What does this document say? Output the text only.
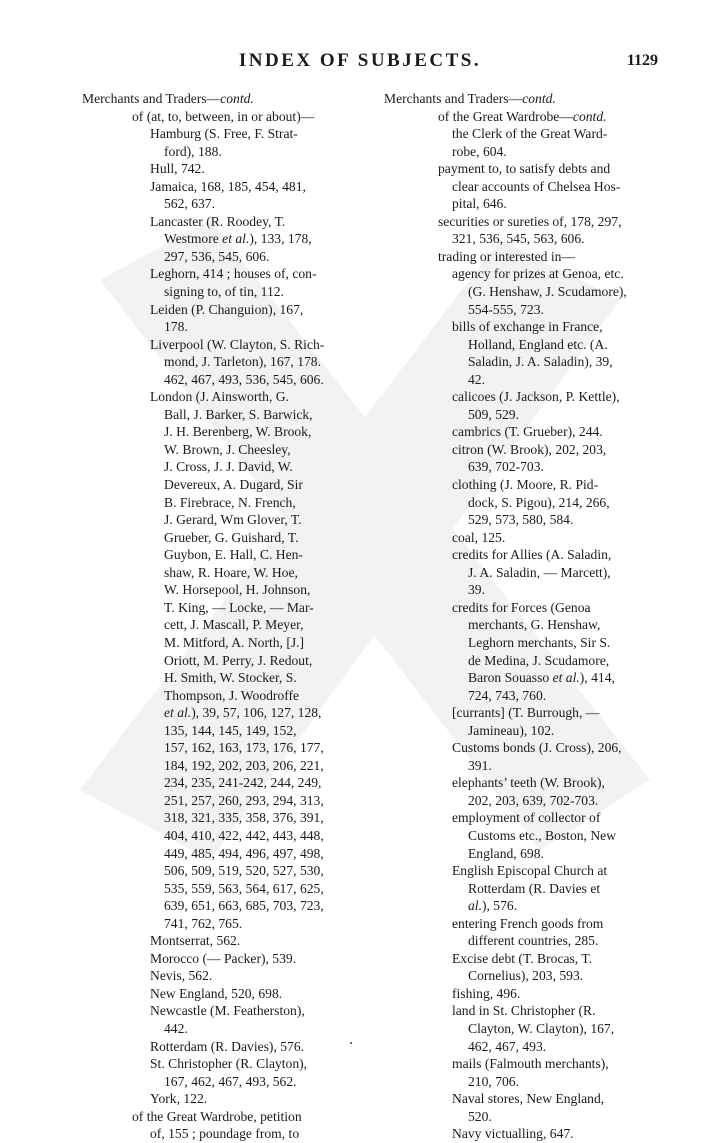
INDEX OF SUBJECTS.	1129
Merchants and Traders—contd.
of (at, to, between, in or about)—
Hamburg (S. Free, F. Strat-
ford), 188.
Hull, 742.
Jamaica, 168, 185, 454, 481,
562, 637.
Lancaster (R. Roodey, T.
Westmore et al.), 133, 178,
297, 536, 545, 606.
Leghorn, 414 ; houses of, con-
signing to, of tin, 112.
Leiden (P. Changuion), 167,
178.
Liverpool (W. Clayton, S. Rich-
mond, J. Tarleton), 167, 178.
462, 467, 493, 536, 545, 606.
London (J. Ainsworth, G.
Ball, J. Barker, S. Barwick,
J. H. Berenberg, W. Brook,
W. Brown, J. Cheesley,
J. Cross, J. J. David, W.
Devereux, A. Dugard, Sir
B. Firebrace, N. French,
J. Gerard, Wm Glover, T.
Grueber, G. Guishard, T.
Guybon, E. Hall, C. Hen-
shaw, R. Hoare, W. Hoe,
W. Horsepool, H. Johnson,
T. King, — Locke, — Mar-
cett, J. Mascall, P. Meyer,
M. Mitford, A. North, [J.]
Oriott, M. Perry, J. Redout,
H. Smith, W. Stocker, S.
Thompson, J. Woodroffe
et al.), 39, 57, 106, 127, 128,
135, 144, 145, 149, 152,
157, 162, 163, 173, 176, 177,
184, 192, 202, 203, 206, 221,
234, 235, 241-242, 244, 249,
251, 257, 260, 293, 294, 313,
318, 321, 335, 358, 376, 391,
404, 410, 422, 442, 443, 448,
449, 485, 494, 496, 497, 498,
506, 509, 519, 520, 527, 530,
535, 559, 563, 564, 617, 625,
639, 651, 663, 685, 703, 723,
741, 762, 765.
Montserrat, 562.
Morocco (— Packer), 539.
Nevis, 562.
New England, 520, 698.
Newcastle (M. Featherston),
442.
Rotterdam (R. Davies), 576.
St. Christopher (R. Clayton),
167, 462, 467, 493, 562.
York, 122.
of the Great Wardrobe, petition
of, 155 ; poundage from, to
Merchants and Traders—contd.
of the Great Wardrobe—contd.
the Clerk of the Great Ward-
robe, 604.
payment to, to satisfy debts and
clear accounts of Chelsea Hos-
pital, 646.
securities or sureties of, 178, 297,
321, 536, 545, 563, 606.
trading or interested in—
agency for prizes at Genoa, etc.
(G. Henshaw, J. Scudamore),
554-555, 723.
bills of exchange in France,
Holland, England etc. (A.
Saladin, J. A. Saladin), 39,
42.
calicoes (J. Jackson, P. Kettle),
509, 529.
cambrics (T. Grueber), 244.
citron (W. Brook), 202, 203,
639, 702-703.
clothing (J. Moore, R. Pid-
dock, S. Pigou), 214, 266,
529, 573, 580, 584.
coal, 125.
credits for Allies (A. Saladin,
J. A. Saladin, — Marcett),
39.
credits for Forces (Genoa
merchants, G. Henshaw,
Leghorn merchants, Sir S.
de Medina, J. Scudamore,
Baron Souasso et al.), 414,
724, 743, 760.
[currants] (T. Burrough, —
Jamineau), 102.
Customs bonds (J. Cross), 206,
391.
elephants’ teeth (W. Brook),
202, 203, 639, 702-703.
employment of collector of
Customs etc., Boston, New
England, 698.
English Episcopal Church at
Rotterdam (R. Davies et
al.), 576.
entering French goods from
different countries, 285.
Excise debt (T. Brocas, T.
Cornelius), 203, 593.
fishing, 496.
land in St. Christopher (R.
Clayton, W. Clayton), 167,
462, 467, 493.
mails (Falmouth merchants),
210, 706.
Naval stores, New England,
520.
Navy victualling, 647.
